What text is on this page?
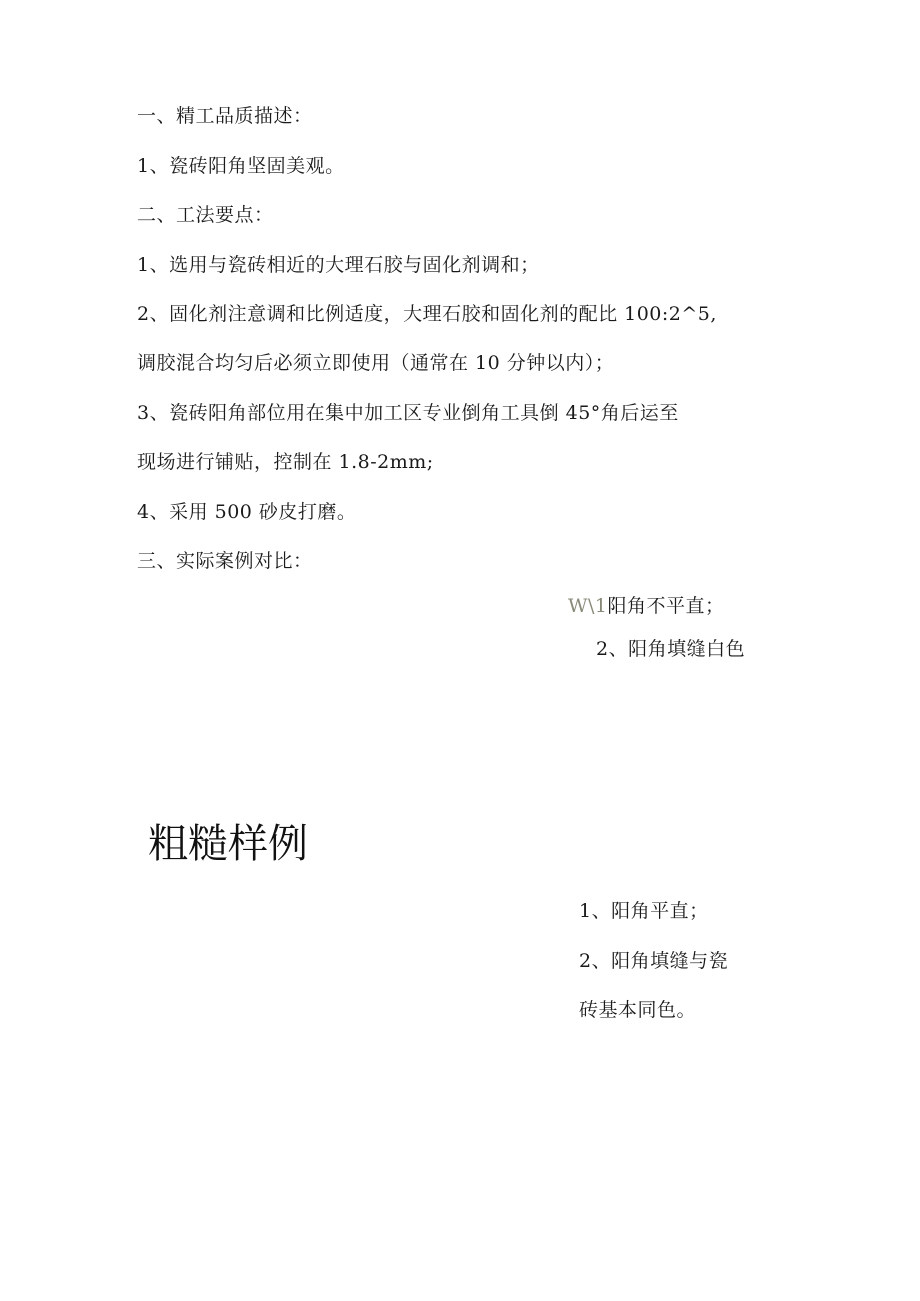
一、精工品质描述：
1、瓷砖阳角坚固美观。
二、工法要点：
1、选用与瓷砖相近的大理石胶与固化剂调和；
2、固化剂注意调和比例适度，大理石胶和固化剂的配比 100:2^5,
调胶混合均匀后必须立即使用（通常在 10 分钟以内）；
3、瓷砖阳角部位用在集中加工区专业倒角工具倒 45°角后运至
现场进行铺贴，控制在 1.8-2mm;
4、采用 500 砂皮打磨。
三、实际案例对比：
W\1阳角不平直；
2、阳角填缝白色
粗糙样例
1、阳角平直；
2、阳角填缝与瓷
砖基本同色。
